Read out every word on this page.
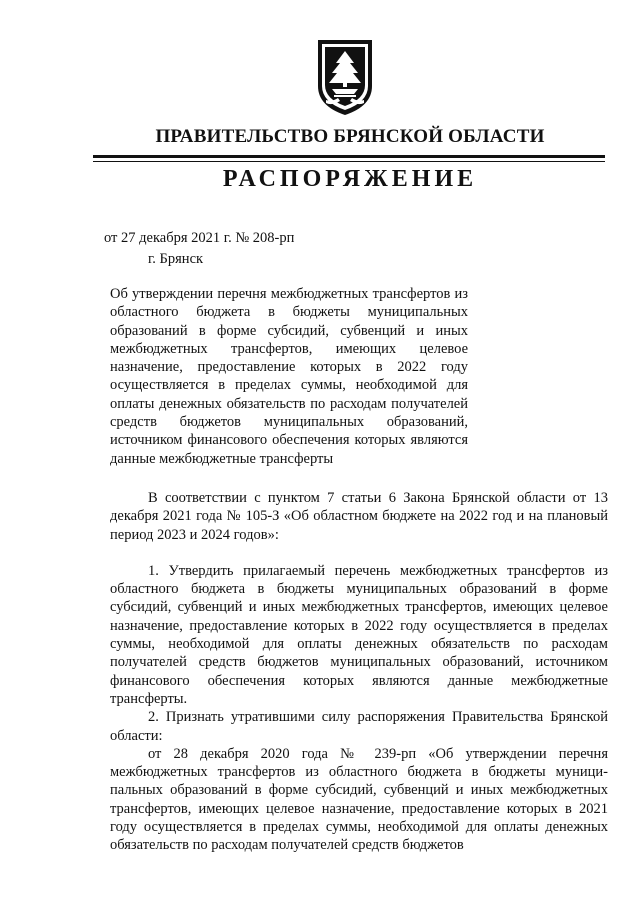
ПРАВИТЕЛЬСТВО БРЯНСКОЙ ОБЛАСТИ
РАСПОРЯЖЕНИЕ
от 27 декабря 2021 г. № 208-рп
г. Брянск
Об утверждении перечня межбюджетных трансфертов из областного бюджета в бюджеты муниципальных образований в форме субсидий, субвенций и иных межбюджетных трансфертов, имеющих целевое назначение, предоставление которых в 2022 году осуществляется в пределах суммы, необходимой для оплаты денежных обязательств по расходам получателей средств бюджетов муниципальных образований, источником финансового обеспечения которых являются данные межбюджетные трансферты

В соответствии с пунктом 7 статьи 6 Закона Брянской области от 13 декабря 2021 года № 105-З «Об областном бюджете на 2022 год и на плановый период 2023 и 2024 годов»:

1. Утвердить прилагаемый перечень межбюджетных трансфертов из областного бюджета в бюджеты муниципальных образований в форме субсидий, субвенций и иных межбюджетных трансфертов, имеющих целевое назначение, предоставление которых в 2022 году осуществляется в пределах суммы, необходимой для оплаты денежных обязательств по расходам получателей средств бюджетов муниципальных образований, источником финансового обеспечения которых являются данные межбюджетные трансферты.

2. Признать утратившими силу распоряжения Правительства Брянской области:

от 28 декабря 2020 года № 239-рп «Об утверждении перечня межбюджетных трансфертов из областного бюджета в бюджеты муниципальных образований в форме субсидий, субвенций и иных межбюджетных трансфертов, имеющих целевое назначение, предоставление которых в 2021 году осуществляется в пределах суммы, необходимой для оплаты денежных обязательств по расходам получателей средств бюджетов
